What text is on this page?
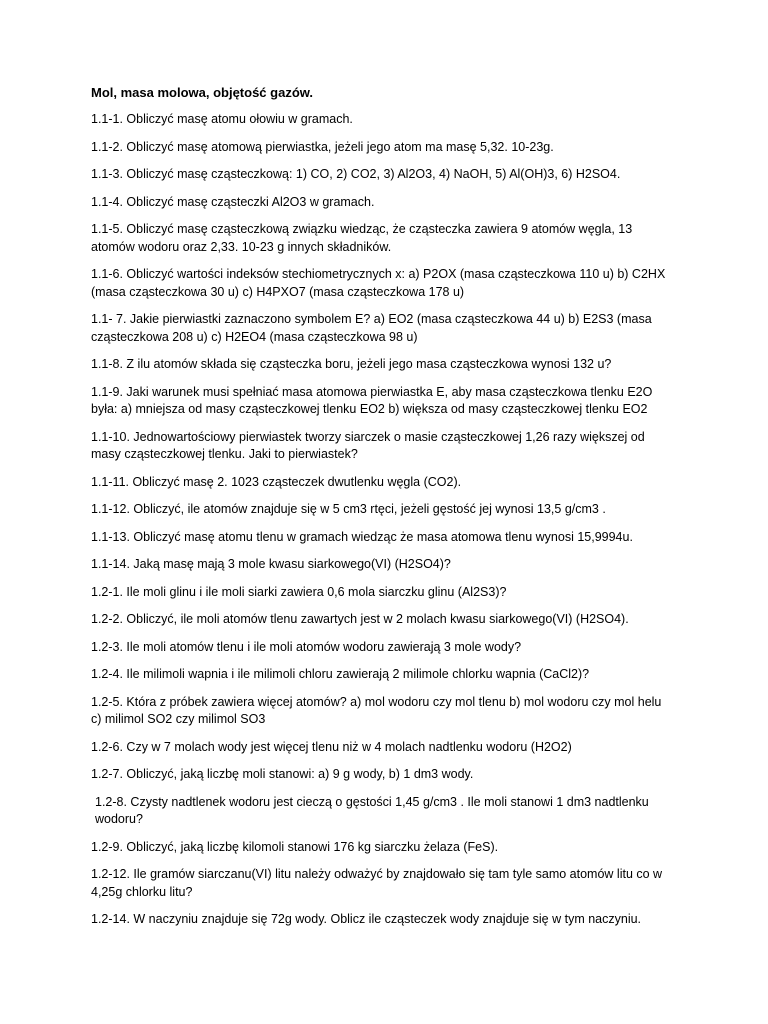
Mol, masa molowa, objętość gazów.
1.1-1. Obliczyć masę atomu ołowiu w gramach.
1.1-2. Obliczyć masę atomową pierwiastka, jeżeli jego atom ma masę 5,32. 10-23g.
1.1-3. Obliczyć masę cząsteczkową: 1) CO, 2) CO2, 3) Al2O3, 4) NaOH, 5) Al(OH)3, 6) H2SO4.
1.1-4. Obliczyć masę cząsteczki Al2O3 w gramach.
1.1-5. Obliczyć masę cząsteczkową związku wiedząc, że cząsteczka zawiera 9 atomów węgla, 13 atomów wodoru oraz 2,33. 10-23 g innych składników.
1.1-6. Obliczyć wartości indeksów stechiometrycznych x: a) P2OX (masa cząsteczkowa 110 u) b) C2HX (masa cząsteczkowa 30 u) c) H4PXO7 (masa cząsteczkowa 178 u)
1.1- 7. Jakie pierwiastki zaznaczono symbolem E? a) EO2 (masa cząsteczkowa 44 u) b) E2S3 (masa cząsteczkowa 208 u) c) H2EO4 (masa cząsteczkowa 98 u)
1.1-8. Z ilu atomów składa się cząsteczka boru, jeżeli jego masa cząsteczkowa wynosi 132 u?
1.1-9. Jaki warunek musi spełniać masa atomowa pierwiastka E, aby masa cząsteczkowa tlenku E2O była: a) mniejsza od masy cząsteczkowej tlenku EO2 b) większa od masy cząsteczkowej tlenku EO2
1.1-10. Jednowartościowy pierwiastek tworzy siarczek o masie cząsteczkowej 1,26 razy większej od masy cząsteczkowej tlenku. Jaki to pierwiastek?
1.1-11. Obliczyć masę 2. 1023 cząsteczek dwutlenku węgla (CO2).
1.1-12. Obliczyć, ile atomów znajduje się w 5 cm3 rtęci, jeżeli gęstość jej wynosi 13,5 g/cm3 .
1.1-13. Obliczyć masę atomu tlenu w gramach wiedząc że masa atomowa tlenu wynosi 15,9994u.
1.1-14. Jaką masę mają 3 mole kwasu siarkowego(VI) (H2SO4)?
1.2-1. Ile moli glinu i ile moli siarki zawiera 0,6 mola siarczku glinu (Al2S3)?
1.2-2. Obliczyć, ile moli atomów tlenu zawartych jest w 2 molach kwasu siarkowego(VI) (H2SO4).
1.2-3. Ile moli atomów tlenu i ile moli atomów wodoru zawierają 3 mole wody?
1.2-4. Ile milimoli wapnia i ile milimoli chloru zawierają 2 milimole chlorku wapnia (CaCl2)?
1.2-5. Która z próbek zawiera więcej atomów? a) mol wodoru czy mol tlenu b) mol wodoru czy mol helu c) milimol SO2 czy milimol SO3
1.2-6. Czy w 7 molach wody jest więcej tlenu niż w 4 molach nadtlenku wodoru (H2O2)
1.2-7. Obliczyć, jaką liczbę moli stanowi: a) 9 g wody, b) 1 dm3 wody.
1.2-8. Czysty nadtlenek wodoru jest cieczą o gęstości 1,45 g/cm3 . Ile moli stanowi 1 dm3 nadtlenku wodoru?
1.2-9. Obliczyć, jaką liczbę kilomoli stanowi 176 kg siarczku żelaza (FeS).
1.2-12. Ile gramów siarczanu(VI) litu należy odważyć by znajdowało się tam tyle samo atomów litu co w 4,25g chlorku litu?
1.2-14. W naczyniu znajduje się 72g wody. Oblicz ile cząsteczek wody znajduje się w tym naczyniu.
